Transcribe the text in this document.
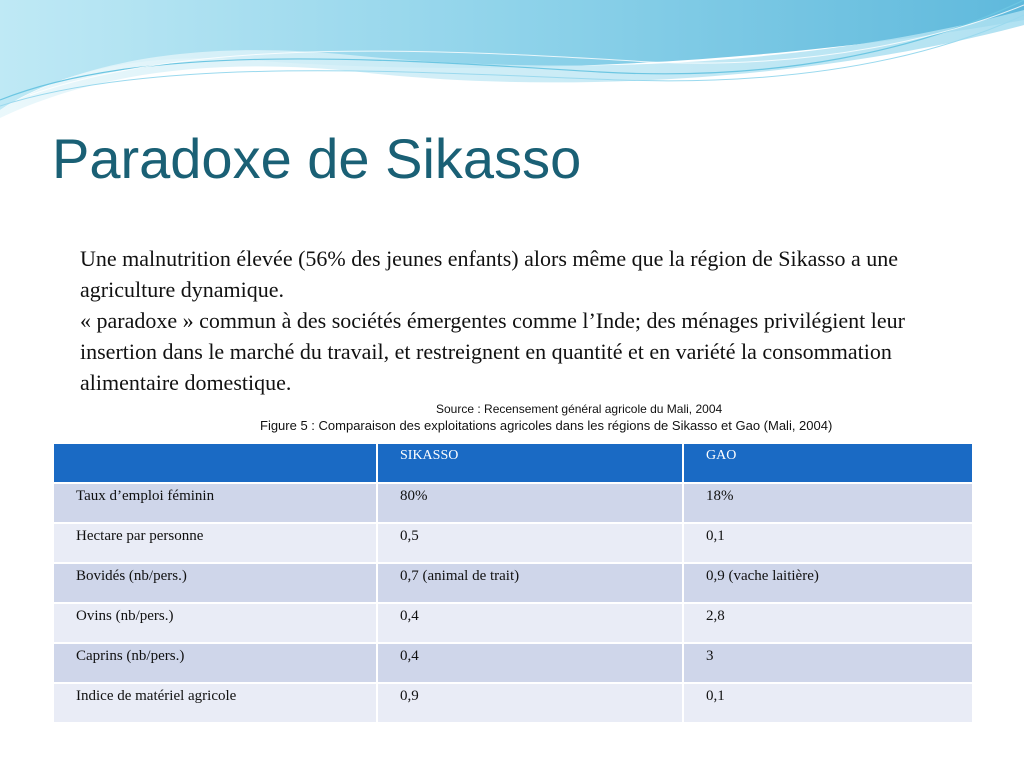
Paradoxe de Sikasso

Une malnutrition élevée (56% des jeunes enfants) alors même que la région de Sikasso a une agriculture dynamique.

« paradoxe » commun à des sociétés émergentes comme l’Inde; des ménages privilégient leur insertion dans le marché du travail, et restreignent en quantité et en variété la consommation alimentaire domestique.

Source : Recensement général agricole du Mali, 2004
Figure 5 : Comparaison des exploitations agricoles dans les régions de Sikasso et Gao (Mali, 2004)
	SIKASSO	GAO
Taux d’emploi féminin	80%	18%
Hectare par personne	0,5	0,1
Bovidés (nb/pers.)	0,7 (animal de trait)	0,9 (vache laitière)
Ovins (nb/pers.)	0,4	2,8
Caprins (nb/pers.)	0,4	3
Indice de matériel agricole	0,9	0,1
